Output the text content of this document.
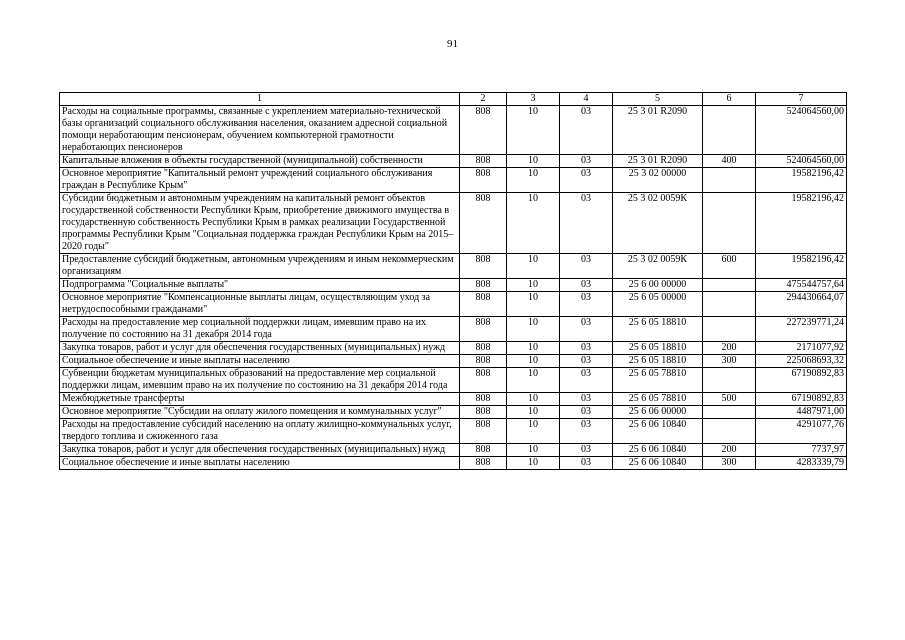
91
1	2	3	4	5	6	7
Расходы на социальные программы, связанные с укреплением материально-технической базы организаций социального обслуживания населения, оказанием адресной социальной помощи неработающим пенсионерам, обучением компьютерной грамотности неработающих пенсионеров	808	10	03	25 3 01 R2090		524064560,00
Капитальные вложения в объекты государственной (муниципальной) собственности	808	10	03	25 3 01 R2090	400	524064560,00
Основное мероприятие "Капитальный ремонт учреждений социального обслуживания граждан в Республике Крым"	808	10	03	25 3 02 00000		19582196,42
Субсидии бюджетным и автономным учреждениям на капитальный ремонт объектов государственной собственности Республики Крым, приобретение движимого имущества в государственную собственность Республики Крым в рамках реализации Государственной программы Республики Крым "Социальная поддержка граждан Республики Крым на 2015–2020 годы"	808	10	03	25 3 02 0059К		19582196,42
Предоставление субсидий бюджетным, автономным учреждениям и иным некоммерческим организациям	808	10	03	25 3 02 0059К	600	19582196,42
Подпрограмма "Социальные выплаты"	808	10	03	25 6 00 00000		475544757,64
Основное мероприятие "Компенсационные выплаты лицам, осуществляющим уход за нетрудоспособными гражданами"	808	10	03	25 6 05 00000		294430664,07
Расходы на предоставление мер социальной поддержки лицам, имевшим право на их получение по состоянию на 31 декабря 2014 года	808	10	03	25 6 05 18810		227239771,24
Закупка товаров, работ и услуг для обеспечения государственных (муниципальных) нужд	808	10	03	25 6 05 18810	200	2171077,92
Социальное обеспечение и иные выплаты населению	808	10	03	25 6 05 18810	300	225068693,32
Субвенции бюджетам муниципальных образований на предоставление мер социальной поддержки лицам, имевшим право на их получение по состоянию на 31 декабря 2014 года	808	10	03	25 6 05 78810		67190892,83
Межбюджетные трансферты	808	10	03	25 6 05 78810	500	67190892,83
Основное мероприятие "Субсидии на оплату жилого помещения и коммунальных услуг"	808	10	03	25 6 06 00000		4487971,00
Расходы на предоставление субсидий населению на оплату жилищно-коммунальных услуг, твердого топлива и сжиженного газа	808	10	03	25 6 06 10840		4291077,76
Закупка товаров, работ и услуг для обеспечения государственных (муниципальных) нужд	808	10	03	25 6 06 10840	200	7737,97
Социальное обеспечение и иные выплаты населению	808	10	03	25 6 06 10840	300	4283339,79
